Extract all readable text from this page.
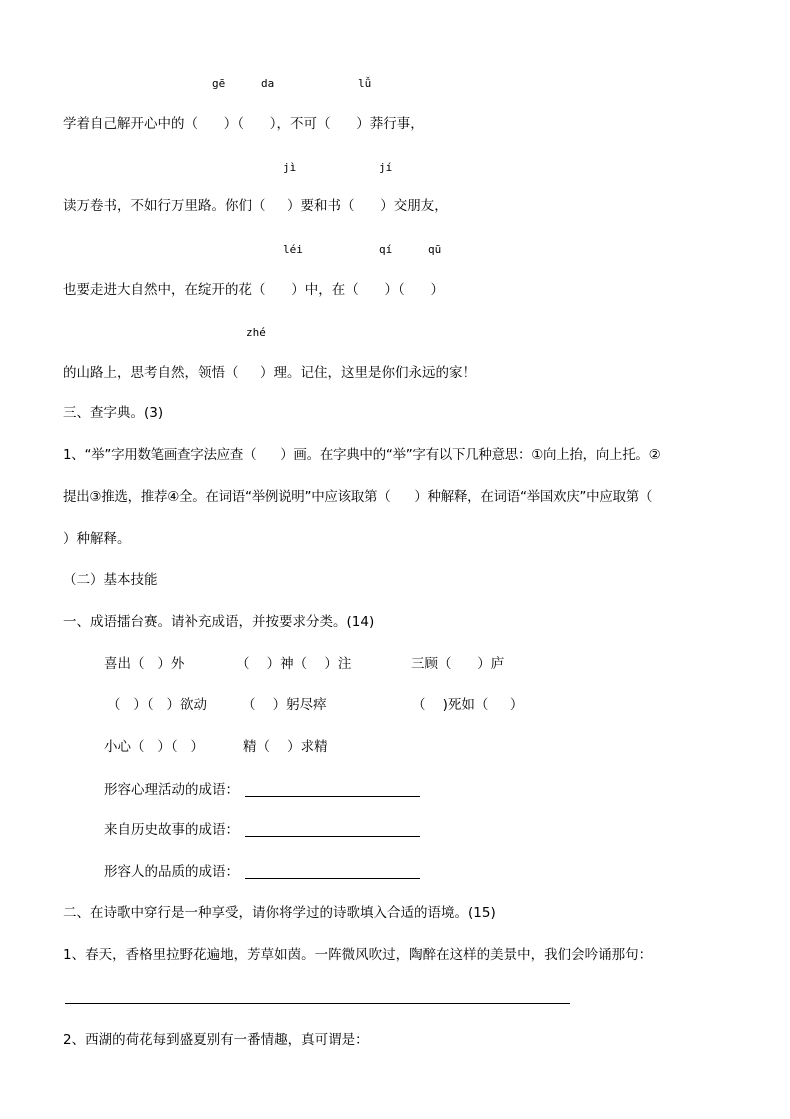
gē	da	lǚ
学着自己解开心中的（      ）（      ），不可（      ）莽行事，
jì	jí
读万卷书，不如行万里路。你们（     ）要和书（      ）交朋友，
léi	qí	qū
也要走进大自然中，在绽开的花（      ）中，在（      ）（      ）
zhé
的山路上，思考自然，领悟（     ）理。记住，这里是你们永远的家！
三、查字典。(3)
1、“举”字用数笔画查字法应查（      ）画。在字典中的“举”字有以下几种意思：①向上抬，向上托。②
提出③推选，推荐④全。在词语“举例说明”中应该取第（      ）种解释，在词语“举国欢庆”中应取第（
）种解释。
（二）基本技能
一、成语擂台赛。请补充成语，并按要求分类。(14)
喜出（   ）外	（    ）神（    ）注	三顾（      ）庐
（   ）（   ）欲动	（    ）躬尽瘁	（    )死如（     ）
小心（   ）（   ）	精（    ）求精
形容心理活动的成语：
来自历史故事的成语：
形容人的品质的成语：
二、在诗歌中穿行是一种享受，请你将学过的诗歌填入合适的语境。(15)
1、春天，香格里拉野花遍地，芳草如茵。一阵微风吹过，陶醉在这样的美景中，我们会吟诵那句：
2、西湖的荷花每到盛夏别有一番情趣，真可谓是：
